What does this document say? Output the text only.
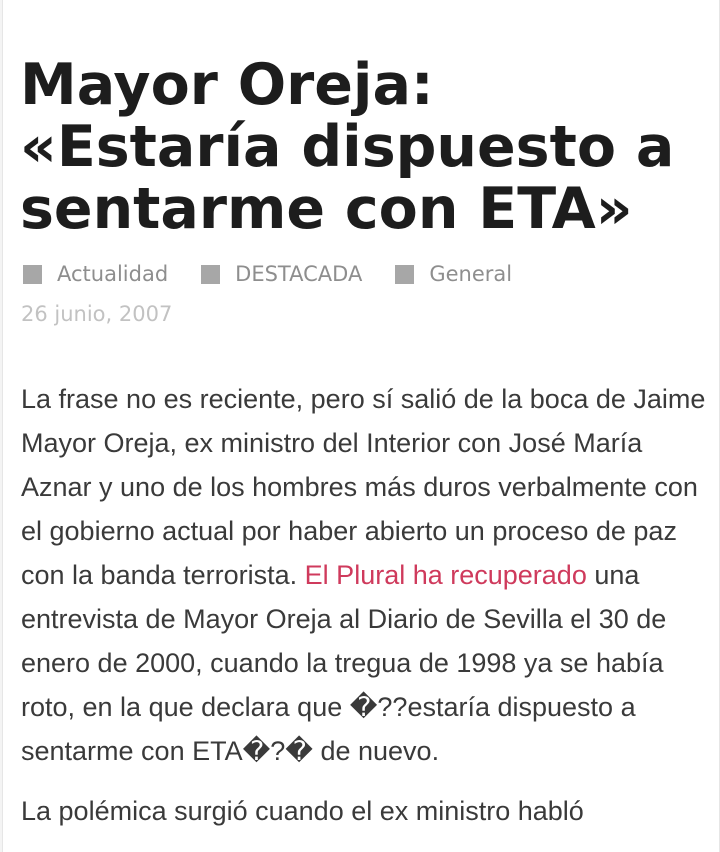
Mayor Oreja: «Estaría dispuesto a sentarme con ETA»
Actualidad	DESTACADA	General
26 junio, 2007

La frase no es reciente, pero sí salió de la boca de Jaime Mayor Oreja, ex ministro del Interior con José María Aznar y uno de los hombres más duros verbalmente con el gobierno actual por haber abierto un proceso de paz con la banda terrorista. El Plural ha recuperado una entrevista de Mayor Oreja al Diario de Sevilla el 30 de enero de 2000, cuando la tregua de 1998 ya se había roto, en la que declara que �??estaría dispuesto a sentarme con ETA�?� de nuevo.

La polémica surgió cuando el ex ministro habló
